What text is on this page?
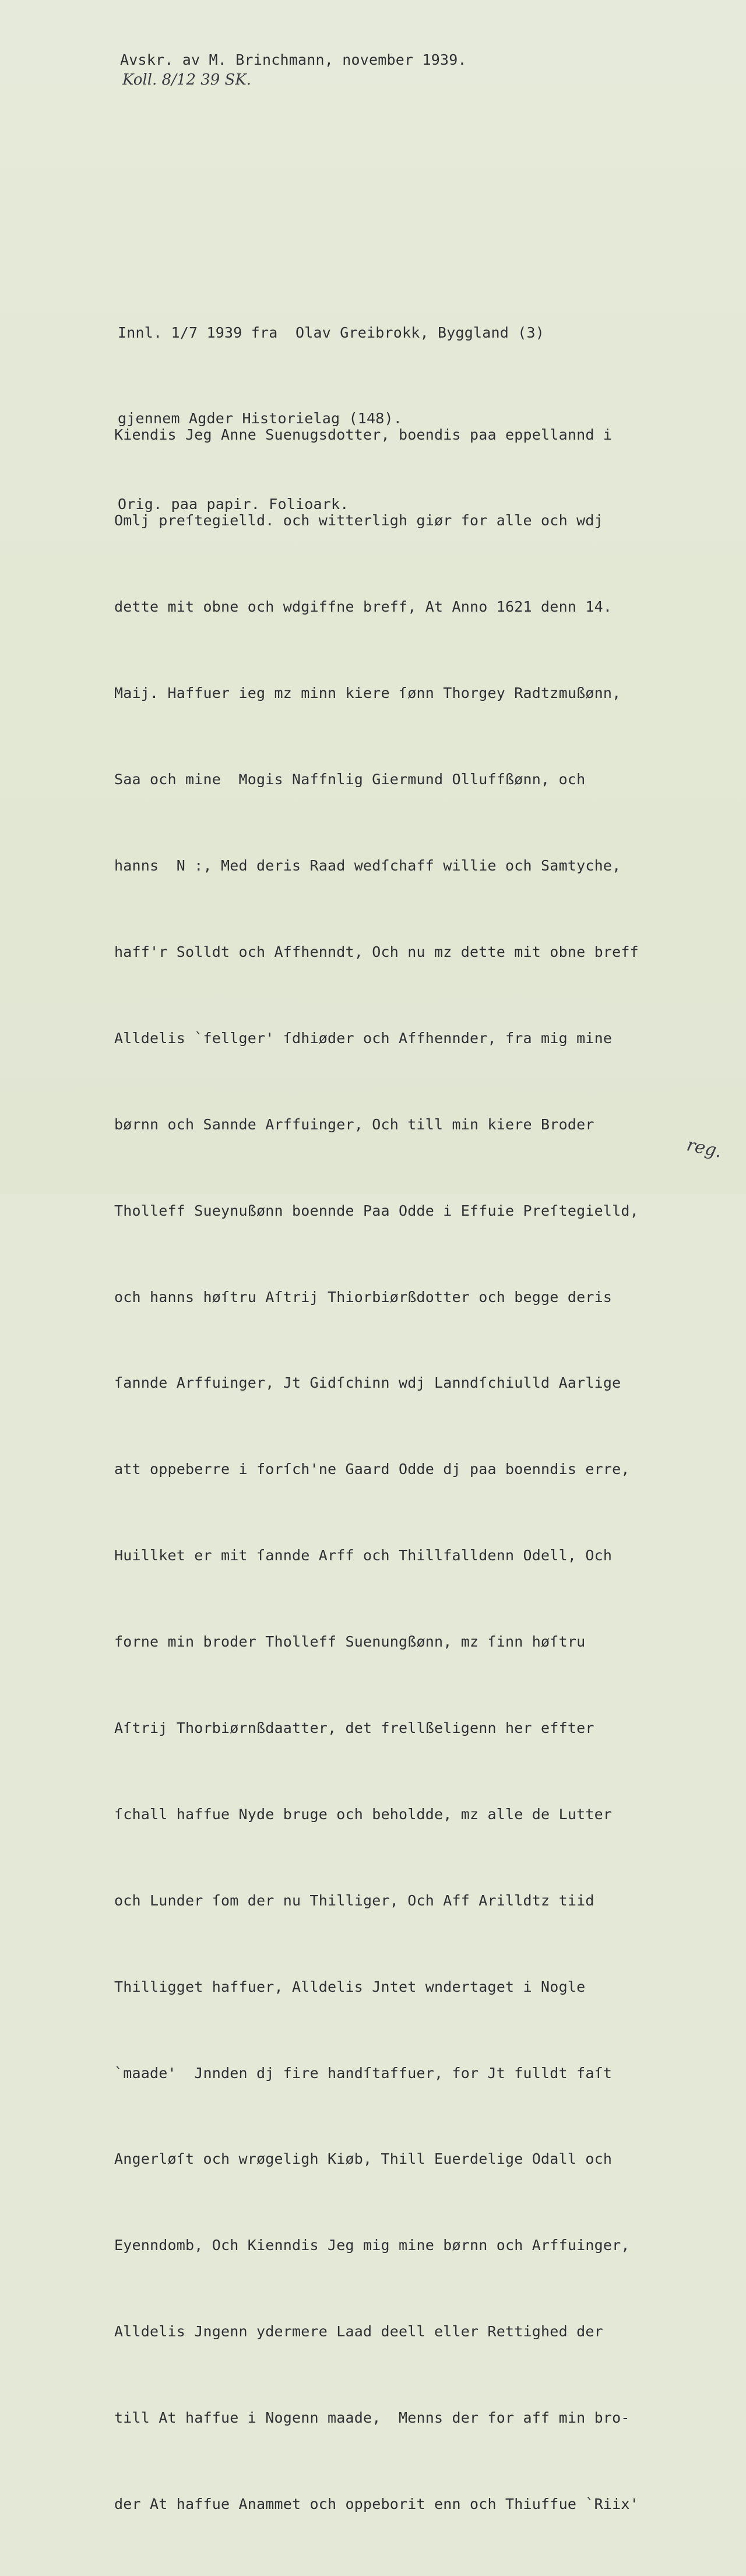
Avskr. av M. Brinchmann, november 1939.
Koll. 8/12 39 SK.

Innl. 1/7 1939 fra  Olav Greibrokk, Byggland (3)

gjennem Agder Historielag (148).

Orig. paa papir. Folioark.

Kiendis Jeg Anne Suenugsdotter, boendis paa eppellannd i

Omlj preſtegielld. och witterligh giør for alle och wdj

dette mit obne och wdgiffne breff, At Anno 1621 denn 14.

Maij. Haffuer ieg mz minn kiere ſønn Thorgey Radtzmußønn,

Saa och mine  Mogis Naffnlig Giermund Olluffßønn, och

hanns  N :, Med deris Raad wedſchaff willie och Samtyche,

haff'r Solldt och Affhenndt, Och nu mz dette mit obne breff

Alldelis `fellger' ſdhiøder och Affhennder, fra mig mine

børnn och Sannde Arffuinger, Och till min kiere Broder

Tholleff Sueynußønn boennde Paa Odde i Effuie Preſtegielld,

och hanns høſtru Aſtrij Thiorbiørßdotter och begge deris

ſannde Arffuinger, Jt Gidſchinn wdj Lanndſchiulld Aarlige

att oppeberre i forſch'ne Gaard Odde dj paa boenndis erre,

Huillket er mit ſannde Arff och Thillfalldenn Odell, Och

forne min broder Tholleff Suenungßønn, mz ſinn høſtru

Aſtrij Thorbiørnßdaatter, det frellßeligenn her effter

ſchall haffue Nyde bruge och beholdde, mz alle de Lutter

och Lunder ſom der nu Thilliger, Och Aff Arilldtz tiid

Thilligget haffuer, Alldelis Jntet wndertaget i Nogle

`maade'  Jnnden dj fire handſtaffuer, for Jt fulldt faſt

Angerløſt och wrøgeligh Kiøb, Thill Euerdelige Odall och

Eyenndomb, Och Kienndis Jeg mig mine børnn och Arffuinger,

Alldelis Jngenn ydermere Laad deell eller Rettighed der

till At haffue i Nogenn maade,  Menns der for aff min bro-

der At haffue Anammet och oppeborit enn och Thiuffue `Riix'

reg.
